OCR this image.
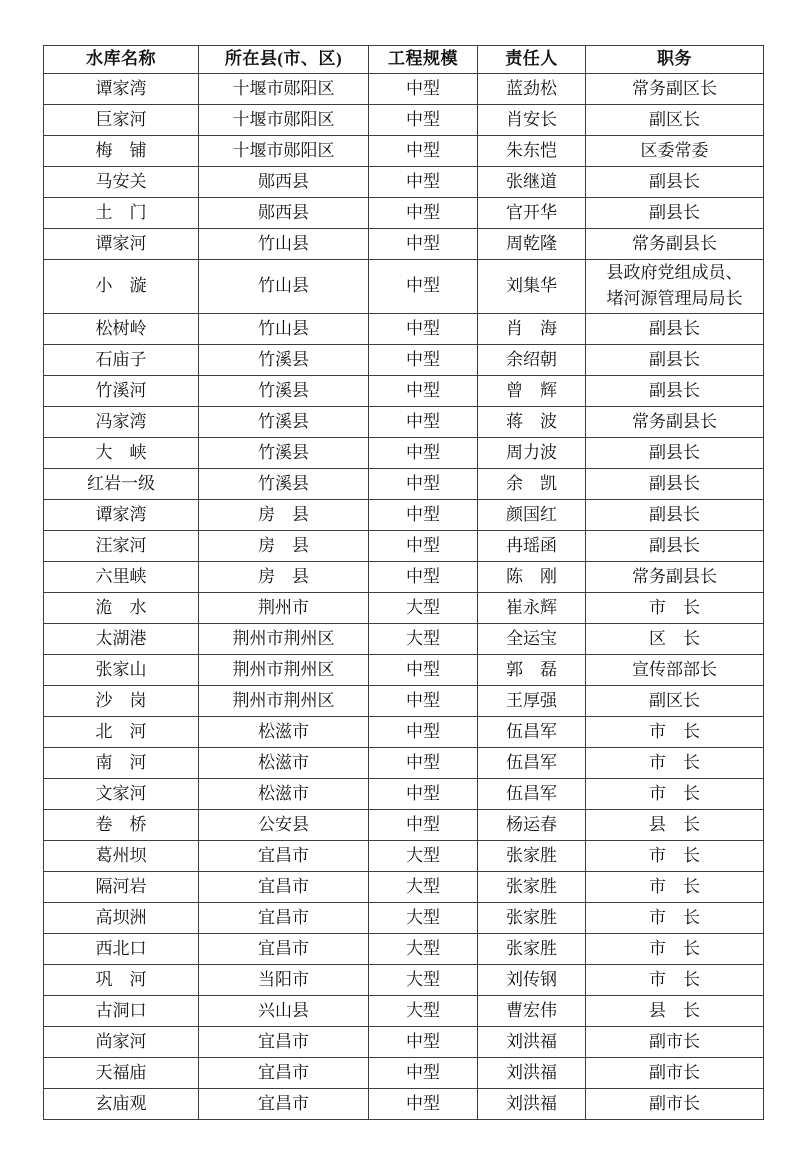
水库名称	所在县(市、区)	工程规模	责任人	职务
谭家湾	十堰市郧阳区	中型	蓝劲松	常务副区长
巨家河	十堰市郧阳区	中型	肖安长	副区长
梅　铺	十堰市郧阳区	中型	朱东恺	区委常委
马安关	郧西县	中型	张继道	副县长
土　门	郧西县	中型	官开华	副县长
谭家河	竹山县	中型	周乾隆	常务副县长
小　漩	竹山县	中型	刘集华	县政府党组成员、堵河源管理局局长
松树岭	竹山县	中型	肖　海	副县长
石庙子	竹溪县	中型	余绍朝	副县长
竹溪河	竹溪县	中型	曾　辉	副县长
冯家湾	竹溪县	中型	蒋　波	常务副县长
大　峡	竹溪县	中型	周力波	副县长
红岩一级	竹溪县	中型	余　凯	副县长
谭家湾	房　县	中型	颜国红	副县长
汪家河	房　县	中型	冉瑶函	副县长
六里峡	房　县	中型	陈　刚	常务副县长
洈　水	荆州市	大型	崔永辉	市　长
太湖港	荆州市荆州区	大型	全运宝	区　长
张家山	荆州市荆州区	中型	郭　磊	宣传部部长
沙　岗	荆州市荆州区	中型	王厚强	副区长
北　河	松滋市	中型	伍昌军	市　长
南　河	松滋市	中型	伍昌军	市　长
文家河	松滋市	中型	伍昌军	市　长
卷　桥	公安县	中型	杨运春	县　长
葛州坝	宜昌市	大型	张家胜	市　长
隔河岩	宜昌市	大型	张家胜	市　长
高坝洲	宜昌市	大型	张家胜	市　长
西北口	宜昌市	大型	张家胜	市　长
巩　河	当阳市	大型	刘传钢	市　长
古洞口	兴山县	大型	曹宏伟	县　长
尚家河	宜昌市	中型	刘洪福	副市长
天福庙	宜昌市	中型	刘洪福	副市长
玄庙观	宜昌市	中型	刘洪福	副市长
